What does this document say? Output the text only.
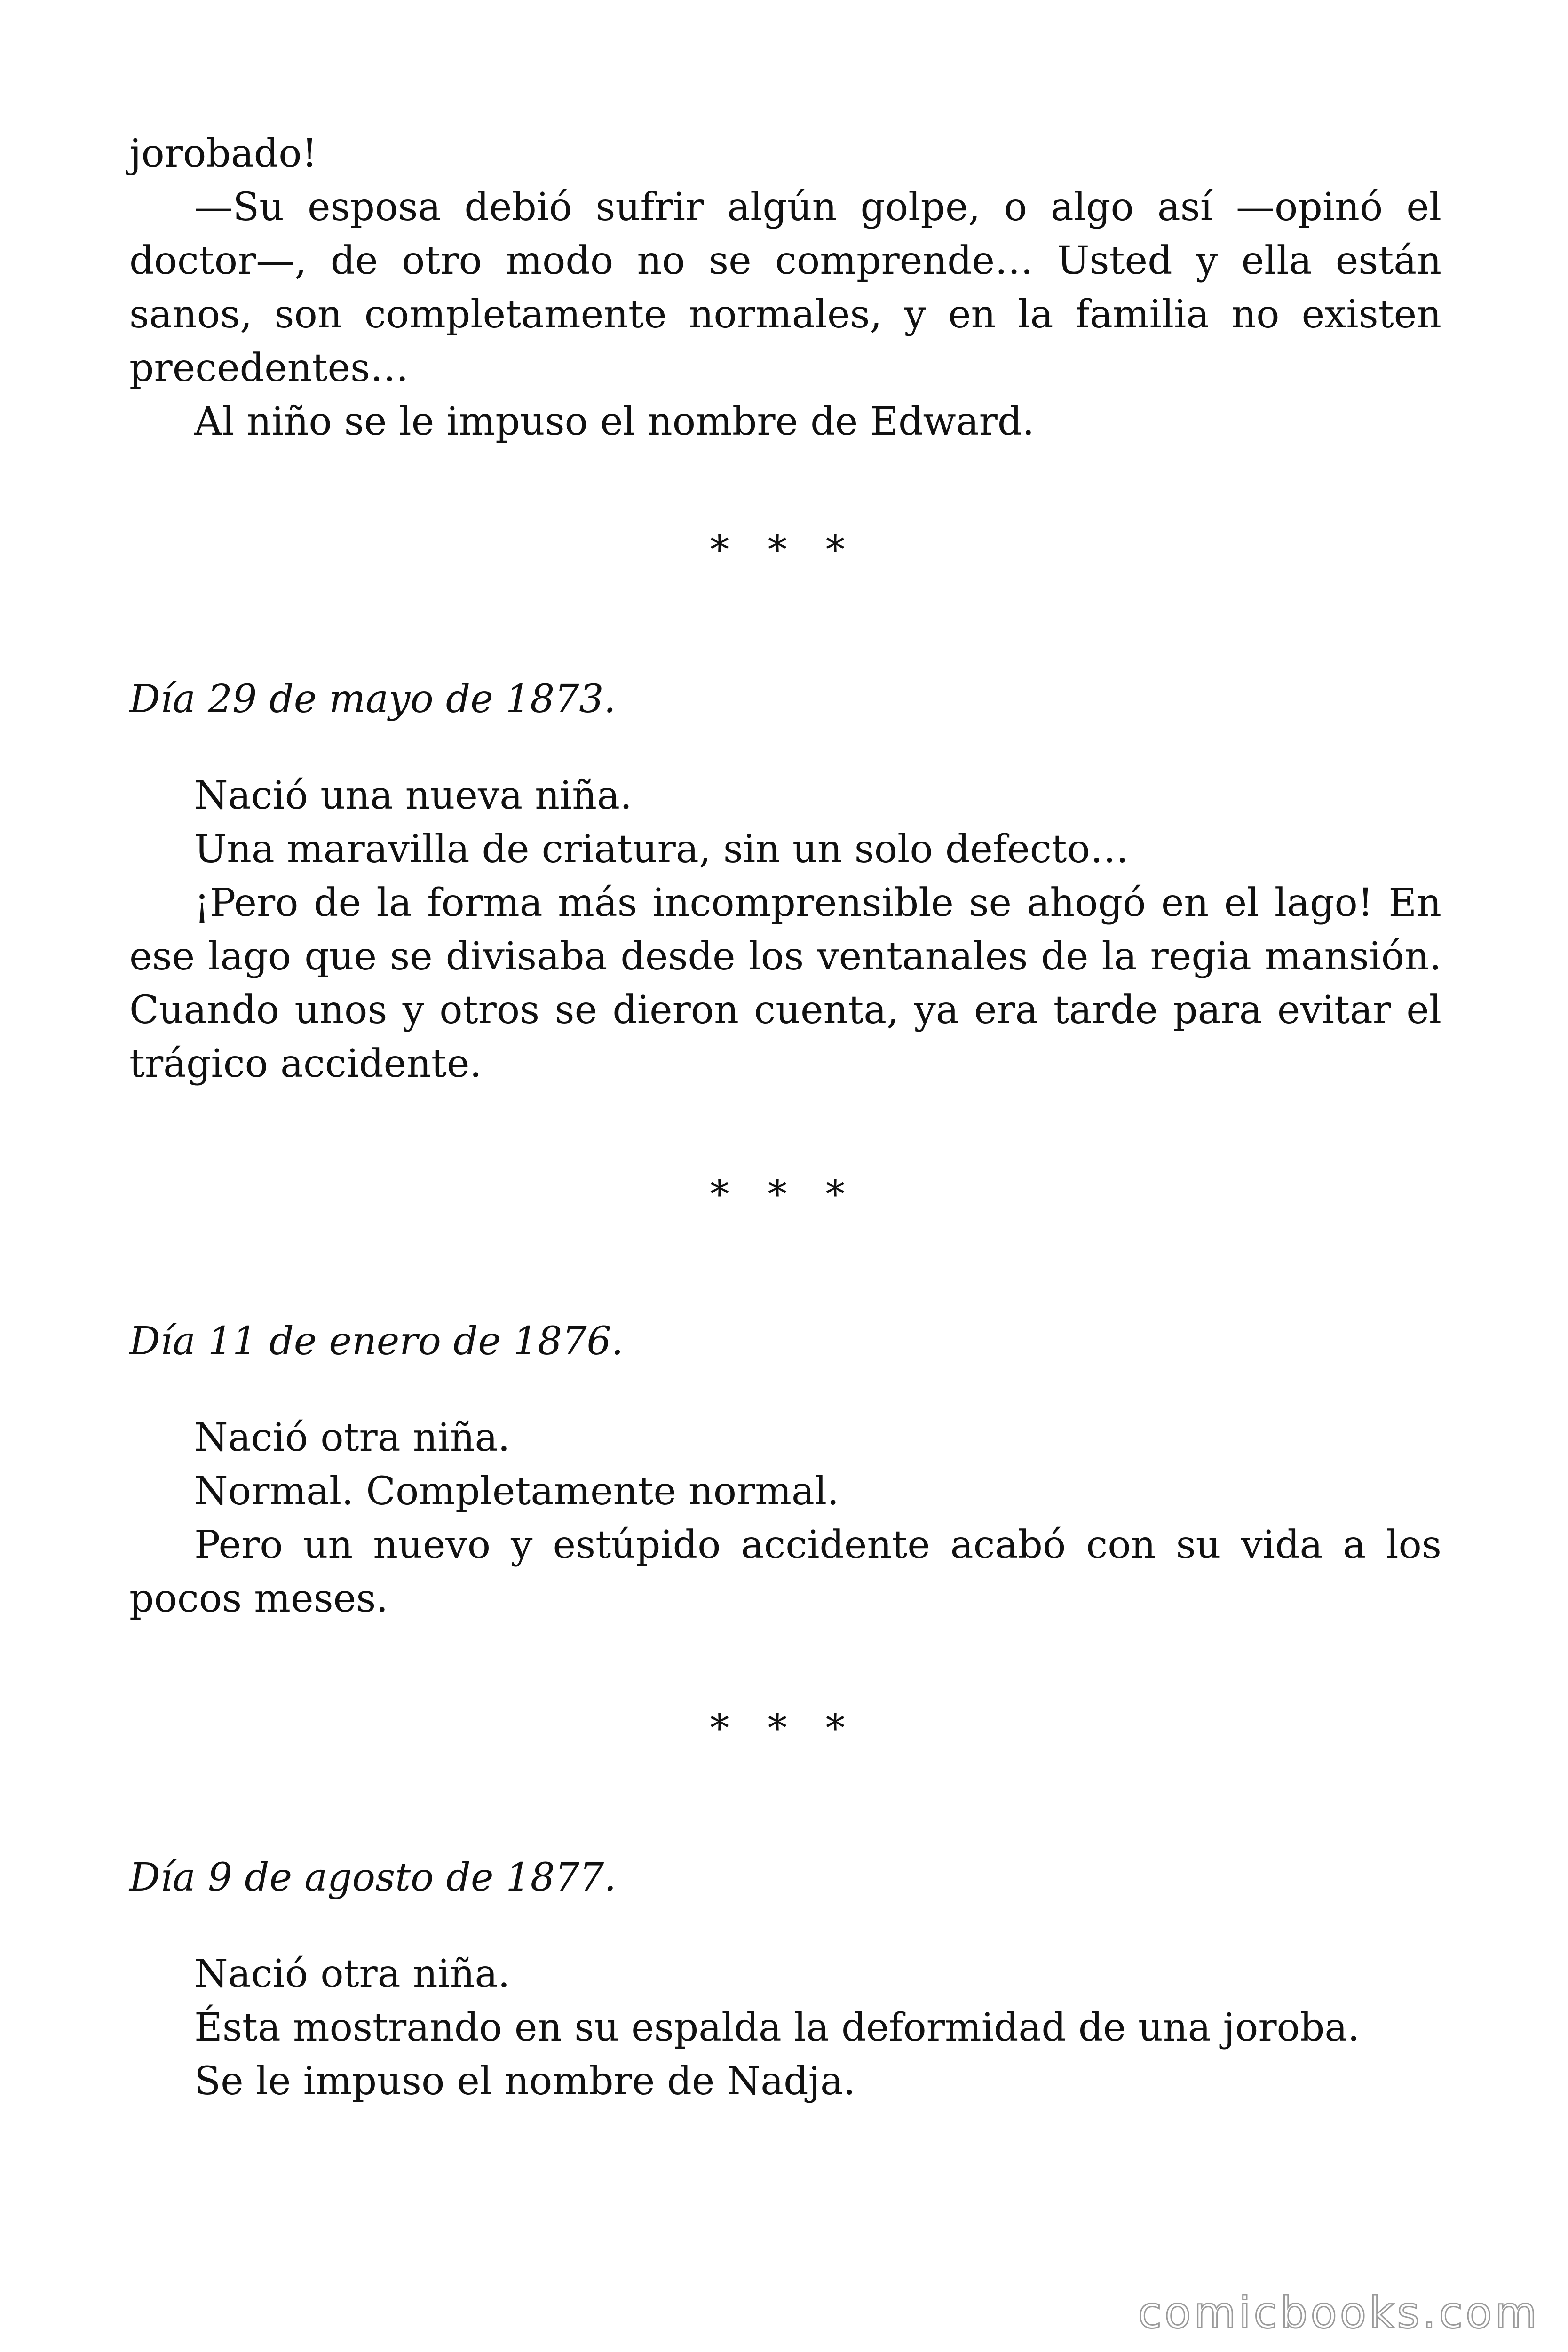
jorobado!

—Su esposa debió sufrir algún golpe, o algo así —opinó el doctor—, de otro modo no se comprende… Usted y ella están sanos, son completamente normales, y en la familia no existen precedentes…

Al niño se le impuso el nombre de Edward.

* * *
Día 29 de mayo de 1873.

Nació una nueva niña.

Una maravilla de criatura, sin un solo defecto…

¡Pero de la forma más incomprensible se ahogó en el lago! En ese lago que se divisaba desde los ventanales de la regia mansión. Cuando unos y otros se dieron cuenta, ya era tarde para evitar el trágico accidente.

* * *
Día 11 de enero de 1876.

Nació otra niña.

Normal. Completamente normal.

Pero un nuevo y estúpido accidente acabó con su vida a los pocos meses.

* * *
Día 9 de agosto de 1877.

Nació otra niña.

Ésta mostrando en su espalda la deformidad de una joroba.

Se le impuso el nombre de Nadja.

comicbooks.com
